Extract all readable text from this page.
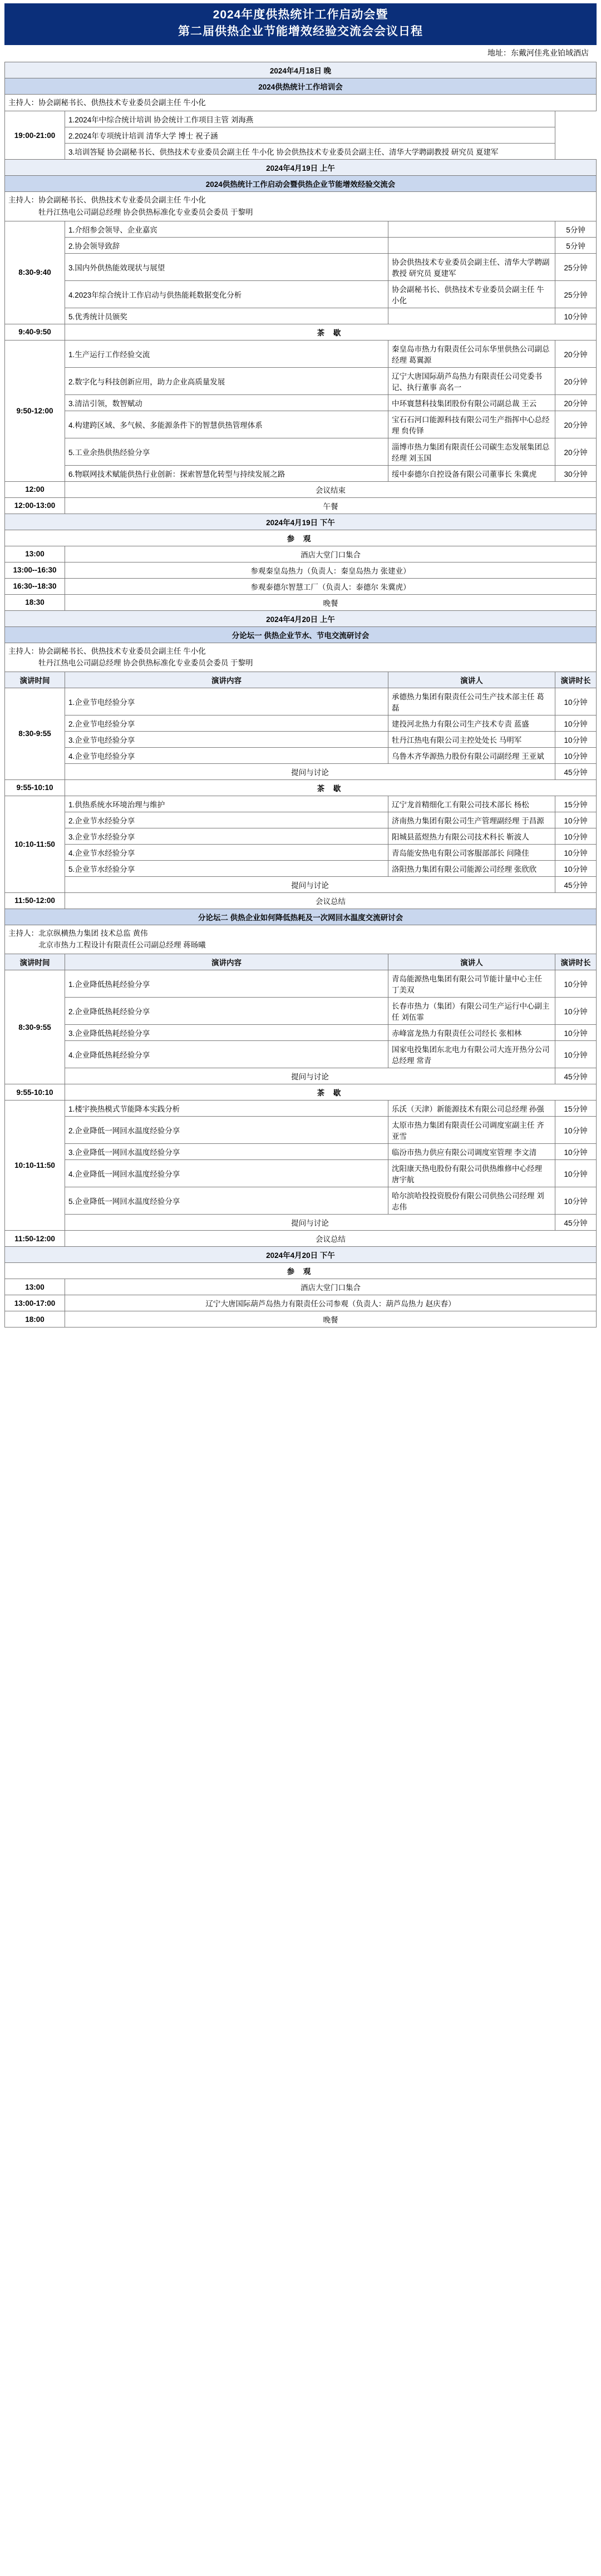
2024年度供热统计工作启动会暨
第二届供热企业节能增效经验交流会会议日程
地址：东戴河佳兆业铂域酒店
2024年4月18日 晚			
2024供热统计工作培训会			

主持人：协会副秘书长、供热技术专业委员会副主任 牛小化			

19:00-21:00	1.2024年中综合统计培训 协会统计工作项目主管 刘海燕		
	2.2024年专项统计培训 清华大学 博士 祝子涵		
	3.培训答疑 协会副秘书长、供热技术专业委员会副主任 牛小化 协会供热技术专业委员会副主任、清华大学聘副教授 研究员 夏建军		
2024年4月19日 上午			
2024供热统计工作启动会暨供热企业节能增效经验交流会			

主持人：协会副秘书长、供热技术专业委员会副主任 牛小化
　　　　牡丹江热电公司副总经理 协会供热标准化专业委员会委员 于黎明			

8:30-9:40	1.介绍参会领导、企业嘉宾		5分钟
	2.协会领导致辞		5分钟
	3.国内外供热能效现状与展望	协会供热技术专业委员会副主任、清华大学聘副教授 研究员 夏建军	25分钟
	4.2023年综合统计工作启动与供热能耗数据变化分析	协会副秘书长、供热技术专业委员会副主任 牛小化	25分钟
	5.优秀统计员颁奖		10分钟
9:40-9:50	茶 歇		
9:50-12:00	1.生产运行工作经验交流	秦皇岛市热力有限责任公司东华里供热公司副总经理 葛翼源	20分钟
	2.数字化与科技创新应用，助力企业高质量发展	辽宁大唐国际葫芦岛热力有限责任公司党委书记、执行董事 高名一	20分钟
	3.清洁引领，数智赋动	中环寰慧科技集团股份有限公司副总裁 王云	20分钟
	4.构建跨区域、多气候、多能源条件下的智慧供热管理体系	宝石石河口能源科技有限公司生产指挥中心总经理 贠传铎	20分钟
	5.工业余热供热经验分享	淄博市热力集团有限责任公司碳生态发展集团总经理 刘玉国	20分钟
	6.物联网技术赋能供热行业创新：探索智慧化转型与持续发展之路	绥中泰德尔自控设备有限公司董事长 朱冀虎	30分钟
12:00	会议结束		
12:00-13:00	午餐		
2024年4月19日 下午			
参 观			
13:00	酒店大堂门口集合		
13:00--16:30	参观秦皇岛热力（负责人：秦皇岛热力 张建业）		
16:30--18:30	参观泰德尔智慧工厂（负责人：泰德尔 朱冀虎）		
18:30	晚餐		
2024年4月20日 上午			
分论坛一 供热企业节水、节电交流研讨会			

主持人：协会副秘书长、供热技术专业委员会副主任 牛小化
　　　　牡丹江热电公司副总经理 协会供热标准化专业委员会委员 于黎明			

演讲时间	演讲内容	演讲人	演讲时长
8:30-9:55	1.企业节电经验分享	承德热力集团有限责任公司生产技术部主任 葛磊	10分钟
	2.企业节电经验分享	建投河北热力有限公司生产技术专责 蓝盛	10分钟
	3.企业节电经验分享	牡丹江热电有限公司主控处处长 马明军	10分钟
	4.企业节电经验分享	乌鲁木齐华源热力股份有限公司副经理 王亚斌	10分钟
	提问与讨论		45分钟
9:55-10:10	茶 歇		
10:10-11:50	1.供热系统水环境治理与维护	辽宁龙首精细化工有限公司技术部长 杨松	15分钟
	2.企业节水经验分享	济南热力集团有限公司生产管理副经理 于昌源	10分钟
	3.企业节水经验分享	阳城县蓝煜热力有限公司技术科长 靳波人	10分钟
	4.企业节水经验分享	青岛能安热电有限公司客服部部长 问隆佳	10分钟
	5.企业节水经验分享	洛阳热力集团有限公司能源公司经理 张欣欣	10分钟
	提问与讨论		45分钟
11:50-12:00	会议总结		
分论坛二 供热企业如何降低热耗及一次网回水温度交流研讨会			

主持人：北京纵横热力集团 技术总监 黄伟
　　　　北京市热力工程设计有限责任公司副总经理 蒋旸曦			

演讲时间	演讲内容	演讲人	演讲时长
8:30-9:55	1.企业降低热耗经验分享	青岛能源热电集团有限公司节能计量中心主任 丁美双	10分钟
	2.企业降低热耗经验分享	长春市热力（集团）有限公司生产运行中心副主任 刘伍霏	10分钟
	3.企业降低热耗经验分享	赤峰富龙热力有限责任公司经长 张相林	10分钟
	4.企业降低热耗经验分享	国家电投集团东北电力有限公司大连开热分公司总经理 常青	10分钟
	提问与讨论		45分钟
9:55-10:10	茶 歇		
10:10-11:50	1.楼宇换热模式节能降本实践分析	乐沃（天津）新能源技术有限公司总经理 孙强	15分钟
	2.企业降低一网回水温度经验分享	太原市热力集团有限责任公司调度室副主任 齐亚雪	10分钟
	3.企业降低一网回水温度经验分享	临汾市热力供应有限公司调度室管理 李文清	10分钟
	4.企业降低一网回水温度经验分享	沈阳康天热电股份有限公司供热维修中心经理 唐宇航	10分钟
	5.企业降低一网回水温度经验分享	哈尔滨哈投投资股份有限公司供热公司经理 刘志伟	10分钟
	提问与讨论		45分钟
11:50-12:00	会议总结		
2024年4月20日 下午			
参 观			
13:00	酒店大堂门口集合		
13:00-17:00	辽宁大唐国际葫芦岛热力有限责任公司参观（负责人：葫芦岛热力 赵庆春）		
18:00	晚餐		
